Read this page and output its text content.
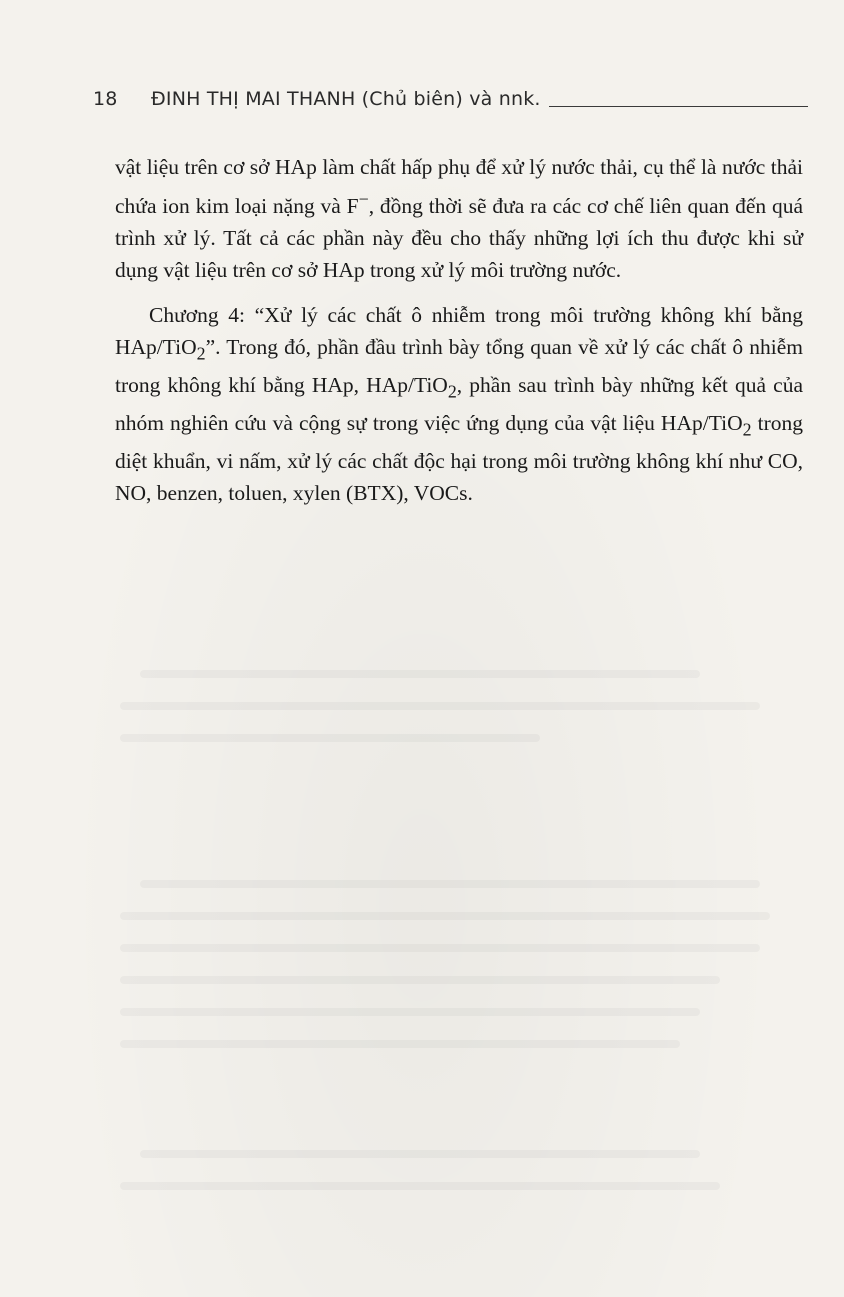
18	ĐINH THỊ MAI THANH (Chủ biên) và nnk.

vật liệu trên cơ sở HAp làm chất hấp phụ để xử lý nước thải, cụ thể là nước thải chứa ion kim loại nặng và F−, đồng thời sẽ đưa ra các cơ chế liên quan đến quá trình xử lý. Tất cả các phần này đều cho thấy những lợi ích thu được khi sử dụng vật liệu trên cơ sở HAp trong xử lý môi trường nước.

Chương 4: “Xử lý các chất ô nhiễm trong môi trường không khí bằng HAp/TiO$_2$”. Trong đó, phần đầu trình bày tổng quan về xử lý các chất ô nhiễm trong không khí bằng HAp, HAp/TiO$_2$, phần sau trình bày những kết quả của nhóm nghiên cứu và cộng sự trong việc ứng dụng của vật liệu HAp/TiO$_2$ trong diệt khuẩn, vi nấm, xử lý các chất độc hại trong môi trường không khí như CO, NO, benzen, toluen, xylen (BTX), VOCs.
